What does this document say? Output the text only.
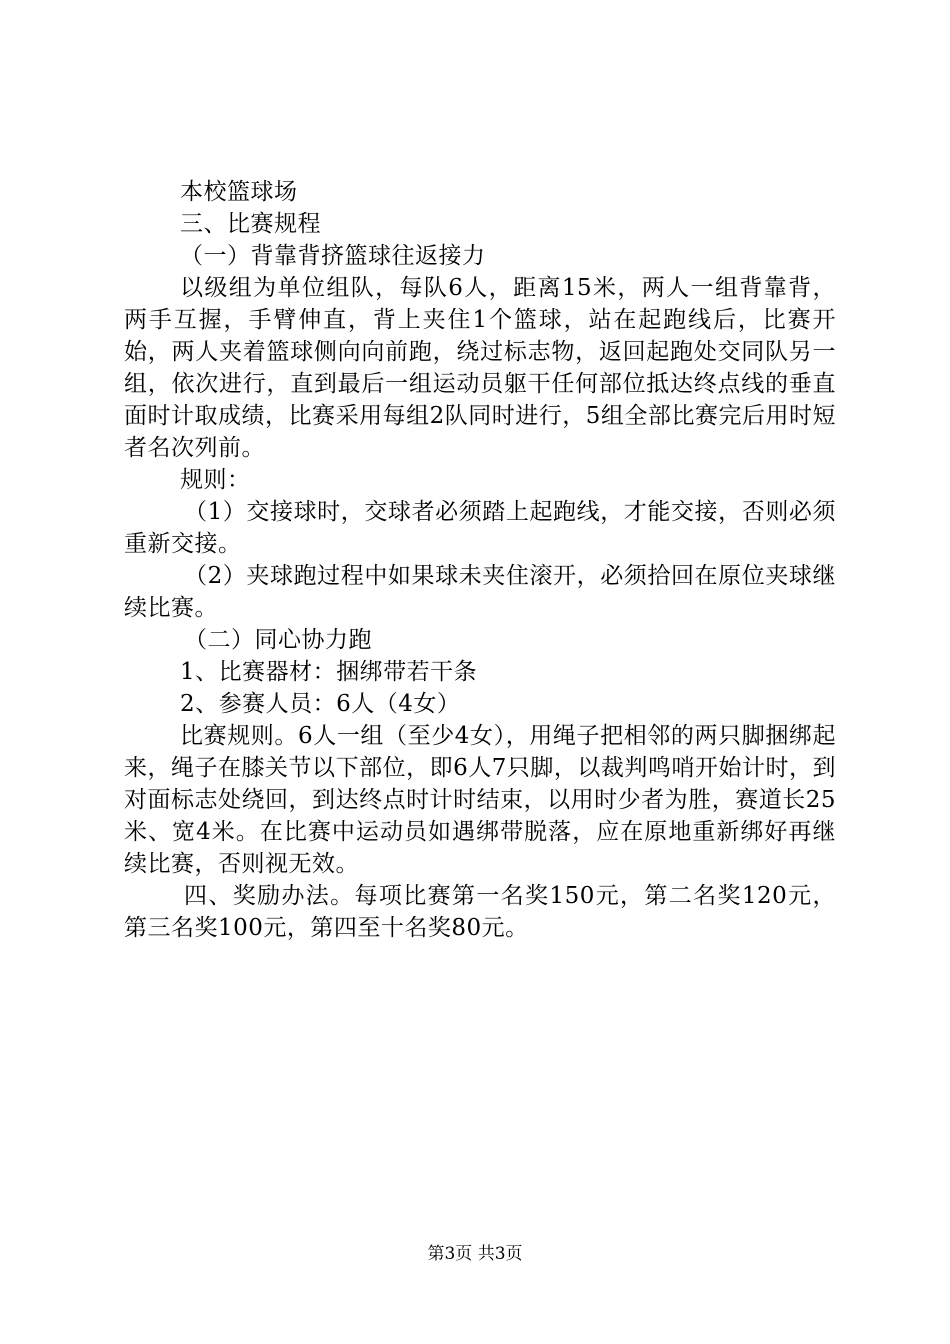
本校篮球场

三、比赛规程

（一）背靠背挤篮球往返接力

以级组为单位组队，每队6人，距离15米，两人一组背靠背，两手互握，手臂伸直，背上夹住1个篮球，站在起跑线后，比赛开始，两人夹着篮球侧向向前跑，绕过标志物，返回起跑处交同队另一组，依次进行，直到最后一组运动员躯干任何部位抵达终点线的垂直面时计取成绩，比赛采用每组2队同时进行，5组全部比赛完后用时短者名次列前。

规则：

（1）交接球时，交球者必须踏上起跑线，才能交接，否则必须重新交接。

（2）夹球跑过程中如果球未夹住滚开，必须拾回在原位夹球继续比赛。

（二）同心协力跑

1、比赛器材：捆绑带若干条

2、参赛人员：6人（4女）

比赛规则。6人一组（至少4女），用绳子把相邻的两只脚捆绑起来，绳子在膝关节以下部位，即6人7只脚，以裁判鸣哨开始计时，到对面标志处绕回，到达终点时计时结束，以用时少者为胜，赛道长25米、宽4米。在比赛中运动员如遇绑带脱落，应在原地重新绑好再继续比赛，否则视无效。

四、奖励办法。每项比赛第一名奖150元，第二名奖120元，第三名奖100元，第四至十名奖80元。

第3页 共3页
